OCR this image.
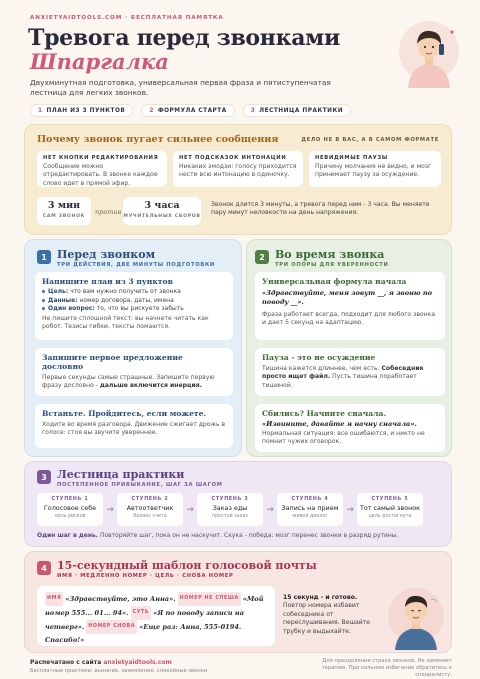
ANXIETYAIDTOOLS.COM · БЕСПЛАТНАЯ ПАМЯТКА
Тревога перед звонками
Шпаргалка
Двухминутная подготовка, универсальная первая фраза и пятиступенчатая лестница для легких звонков.
1 ПЛАН ИЗ 3 ПУНКТОВ	2 ФОРМУЛА СТАРТА	3 ЛЕСТНИЦА ПРАКТИКИ
Почему звонок пугает сильнее сообщения	ДЕЛО НЕ В ВАС, А В САМОМ ФОРМАТЕ
НЕТ КНОПКИ РЕДАКТИРОВАНИЯ
Сообщение можно отредактировать. В звонке каждое слово идет в прямой эфир.
НЕТ ПОДСКАЗОК ИНТОНАЦИИ
Никаких эмодзи: голосу приходится нести всю интонацию в одиночку.
НЕВИДИМЫЕ ПАУЗЫ
Причину молчания не видно, и мозг принимает паузу за осуждение.
3 мин
САМ ЗВОНОК
против
3 часа
МУЧИТЕЛЬНЫХ СБОРОВ
Звонок длится 3 минуты, а тревога перед ним - 3 часа. Вы меняете пару минут неловкости на день напряжения.
1 Перед звонком
ТРИ ДЕЙСТВИЯ, ДВЕ МИНУТЫ ПОДГОТОВКИ
Напишите план из 3 пунктов
Цель: что вам нужно получить от звонка
Данные: номер договора, даты, имена
Один вопрос: то, что вы рискуете забыть
Не пишите сплошной текст: вы начнете читать как робот. Тезисы гибки, тексты ломаются.
Запишите первое предложение дословно
Первые секунды самые страшные. Запишите первую фразу дословно - дальше включится инерция.
Встаньте. Пройдитесь, если можете.
Ходите во время разговора. Движение сжигает дрожь в голосе: стоя вы звучите увереннее.
2 Во время звонка
ТРИ ОПОРЫ ДЛЯ УВЕРЕННОСТИ
Универсальная формула начала
«Здравствуйте, меня зовут __, я звоню по поводу __».
Фраза работает всегда, подходит для любого звонка и дает 5 секунд на адаптацию.
Пауза - это не осуждение
Тишина кажется длиннее, чем есть. Собеседник просто ищет файл. Пусть тишина поработает тишиной.
Сбились? Начните сначала.
«Извините, давайте я начну сначала».
Нормальная ситуация: все ошибаются, и никто не помнит чужих оговорок.
3 Лестница практики
ПОСТЕПЕННОЕ ПРИВЫКАНИЕ, ШАГ ЗА ШАГОМ
СТУПЕНЬ 1
Голосовое себе
ноль рисков
→
СТУПЕНЬ 2
Автоответчик
баланс счета
→
СТУПЕНЬ 3
Заказ еды
простой заказ
→
СТУПЕНЬ 4
Запись на прием
живой диалог
→
СТУПЕНЬ 5
Тот самый звонок
цель достигнута
Один шаг в день. Повторяйте шаг, пока он не наскучит. Скука - победа: мозг перенес звонки в разряд рутины.
4 15-секундный шаблон голосовой почты
ИМЯ · МЕДЛЕННО НОМЕР · ЦЕЛЬ · СНОВА НОМЕР
ИМЯ «Здравствуйте, это Анна». НОМЕР НЕ СПЕША «Мой номер 555... 01... 94». СУТЬ «Я по поводу записи на четверг». НОМЕР СНОВА «Еще раз: Анна, 555-0194. Спасибо!»
15 секунд - и готово. Повтор номера избавит собеседника от переслушивания. Вешайте трубку и выдыхайте.
Распечатано с сайта anxietyaidtools.com
Бесплатные практики: дыхание, заземление, спокойные звонки.
Для преодоления страха звонков. Не заменяет терапию. При сильном избегании обратитесь к специалисту.
